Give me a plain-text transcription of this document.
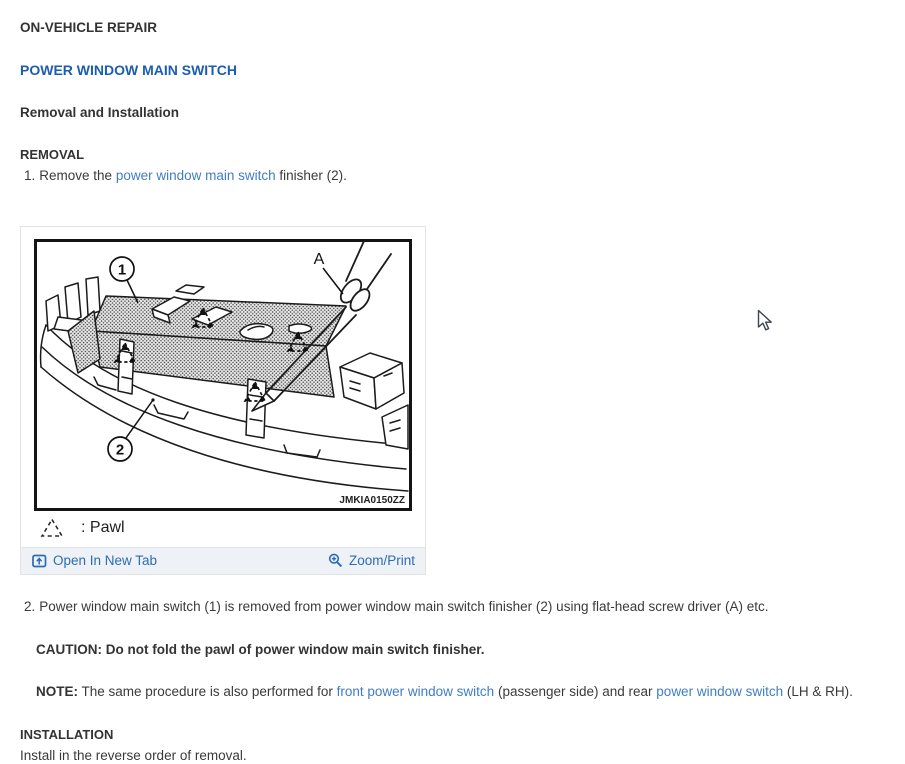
ON-VEHICLE REPAIR
POWER WINDOW MAIN SWITCH
Removal and Installation
REMOVAL
1. Remove the power window main switch finisher (2).
1
2
A
JMKIA0150ZZ
: Pawl
Open In New Tab	Zoom/Print
2. Power window main switch (1) is removed from power window main switch finisher (2) using flat-head screw driver (A) etc.

CAUTION: Do not fold the pawl of power window main switch finisher.

NOTE: The same procedure is also performed for front power window switch (passenger side) and rear power window switch (LH & RH).

INSTALLATION

Install in the reverse order of removal.
